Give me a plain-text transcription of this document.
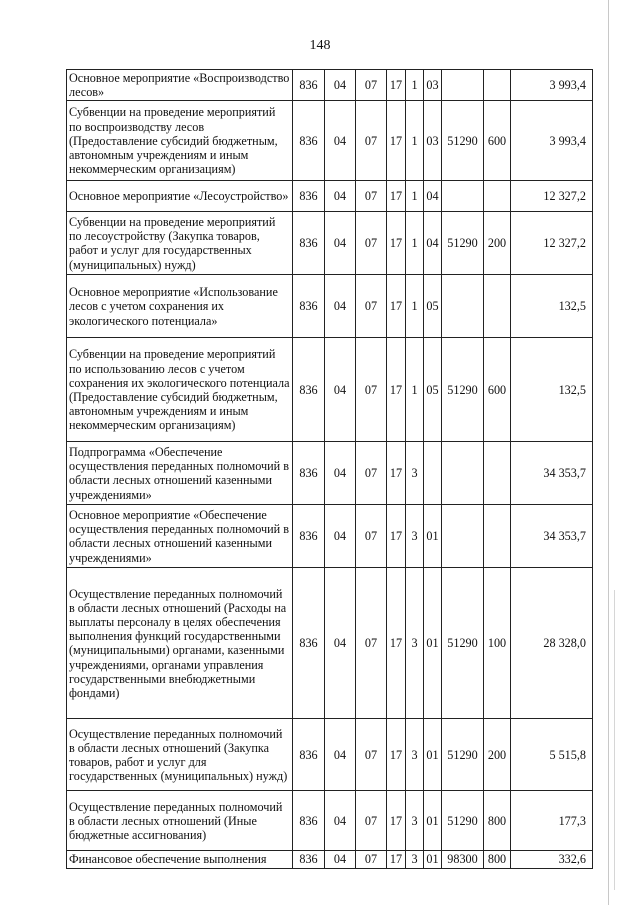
148
Основное мероприятие «Воспроизводство лесов»	836	04	07	17	1	03			3 993,4
Субвенции на проведение мероприятий по воспроизводству лесов (Предоставление субсидий бюджетным, автономным учреждениям и иным некоммерческим организациям)	836	04	07	17	1	03	51290	600	3 993,4
Основное мероприятие «Лесоустройство»	836	04	07	17	1	04			12 327,2
Субвенции на проведение мероприятий по лесоустройству (Закупка товаров, работ и услуг для государственных (муниципальных) нужд)	836	04	07	17	1	04	51290	200	12 327,2
Основное мероприятие «Использование лесов с учетом сохранения их экологического потенциала»	836	04	07	17	1	05			132,5
Субвенции на проведение мероприятий по использованию лесов с учетом сохранения их экологического потенциала (Предоставление субсидий бюджетным, автономным учреждениям и иным некоммерческим организациям)	836	04	07	17	1	05	51290	600	132,5
Подпрограмма «Обеспечение осуществления переданных полномочий в области лесных отношений казенными учреждениями»	836	04	07	17	3				34 353,7
Основное мероприятие «Обеспечение осуществления переданных полномочий в области лесных отношений казенными учреждениями»	836	04	07	17	3	01			34 353,7
Осуществление переданных полномочий в области лесных отношений (Расходы на выплаты персоналу в целях обеспечения выполнения функций государственными (муниципальными) органами, казенными учреждениями, органами управления государственными внебюджетными фондами)	836	04	07	17	3	01	51290	100	28 328,0
Осуществление переданных полномочий в области лесных отношений (Закупка товаров, работ и услуг для государственных (муниципальных) нужд)	836	04	07	17	3	01	51290	200	5 515,8
Осуществление переданных полномочий в области лесных отношений (Иные бюджетные ассигнования)	836	04	07	17	3	01	51290	800	177,3
Финансовое обеспечение выполнения	836	04	07	17	3	01	98300	800	332,6
